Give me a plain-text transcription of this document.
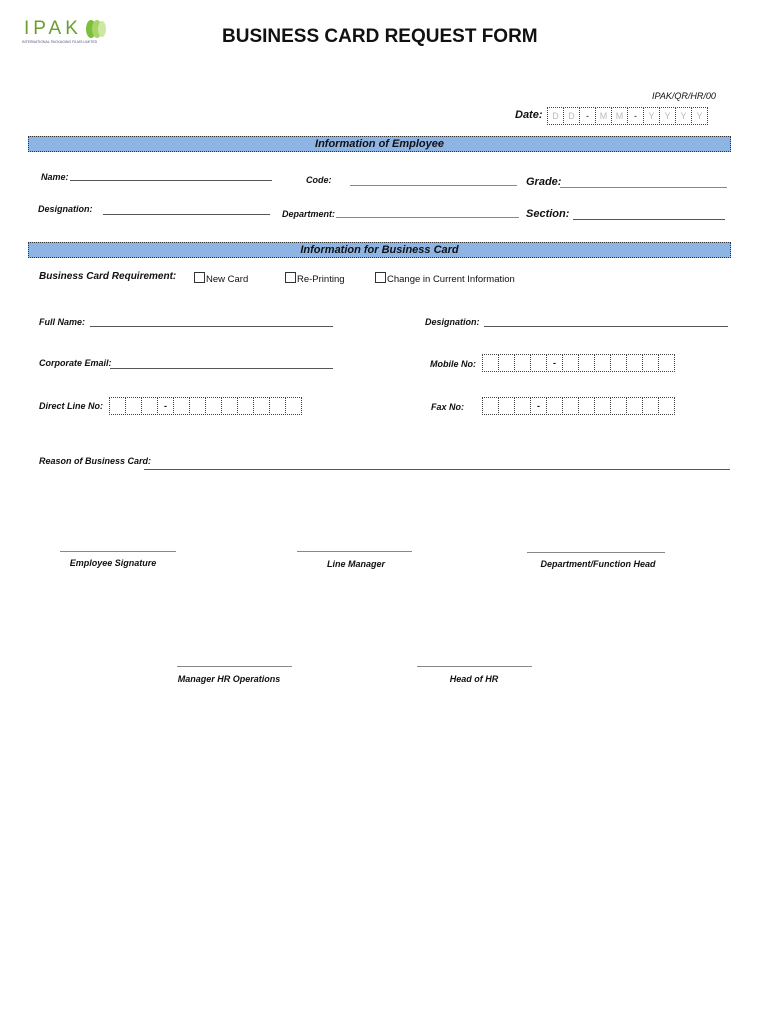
IPAK
INTERNATIONAL PACKAGING FILMS LIMITED	BUSINESS CARD REQUEST FORM
IPAK/QR/HR/00
Date:	D	D	-	M M	-	Y	Y	Y	Y
Information of Employee
Name:	Code:	Grade:
Designation:	Department:	Section:
Information for Business Card
Business Card Requirement:	New Card	Re-Printing	Change in Current Information
Full Name:	Designation:
Corporate Email:	Mobile No:	-
Direct Line No:	-	Fax No:	-
Reason of Business Card:
Employee Signature	Line Manager	Department/Function Head
Manager HR Operations	Head of HR
